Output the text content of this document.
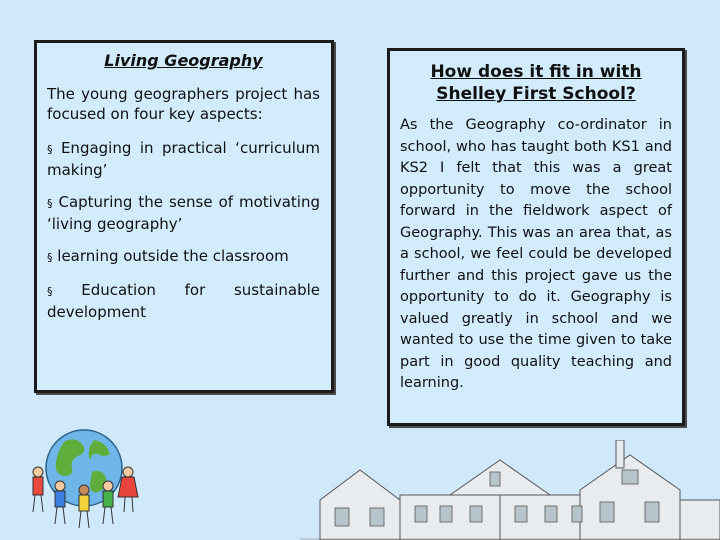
Living Geography

The young geographers project has focused on four key aspects:

§ Engaging in practical ‘curriculum making’
§ Capturing the sense of motivating ‘living geography’
§ learning outside the classroom
§ Education for sustainable development

How does it fit in with Shelley First School?

As the Geography co-ordinator in school, who has taught both KS1 and KS2 I felt that this was a great opportunity to move the school forward in the fieldwork aspect of Geography. This was an area that, as a school, we feel could be developed further and this project gave us the opportunity to do it. Geography is valued greatly in school and we wanted to use the time given to take part in good quality teaching and learning.
